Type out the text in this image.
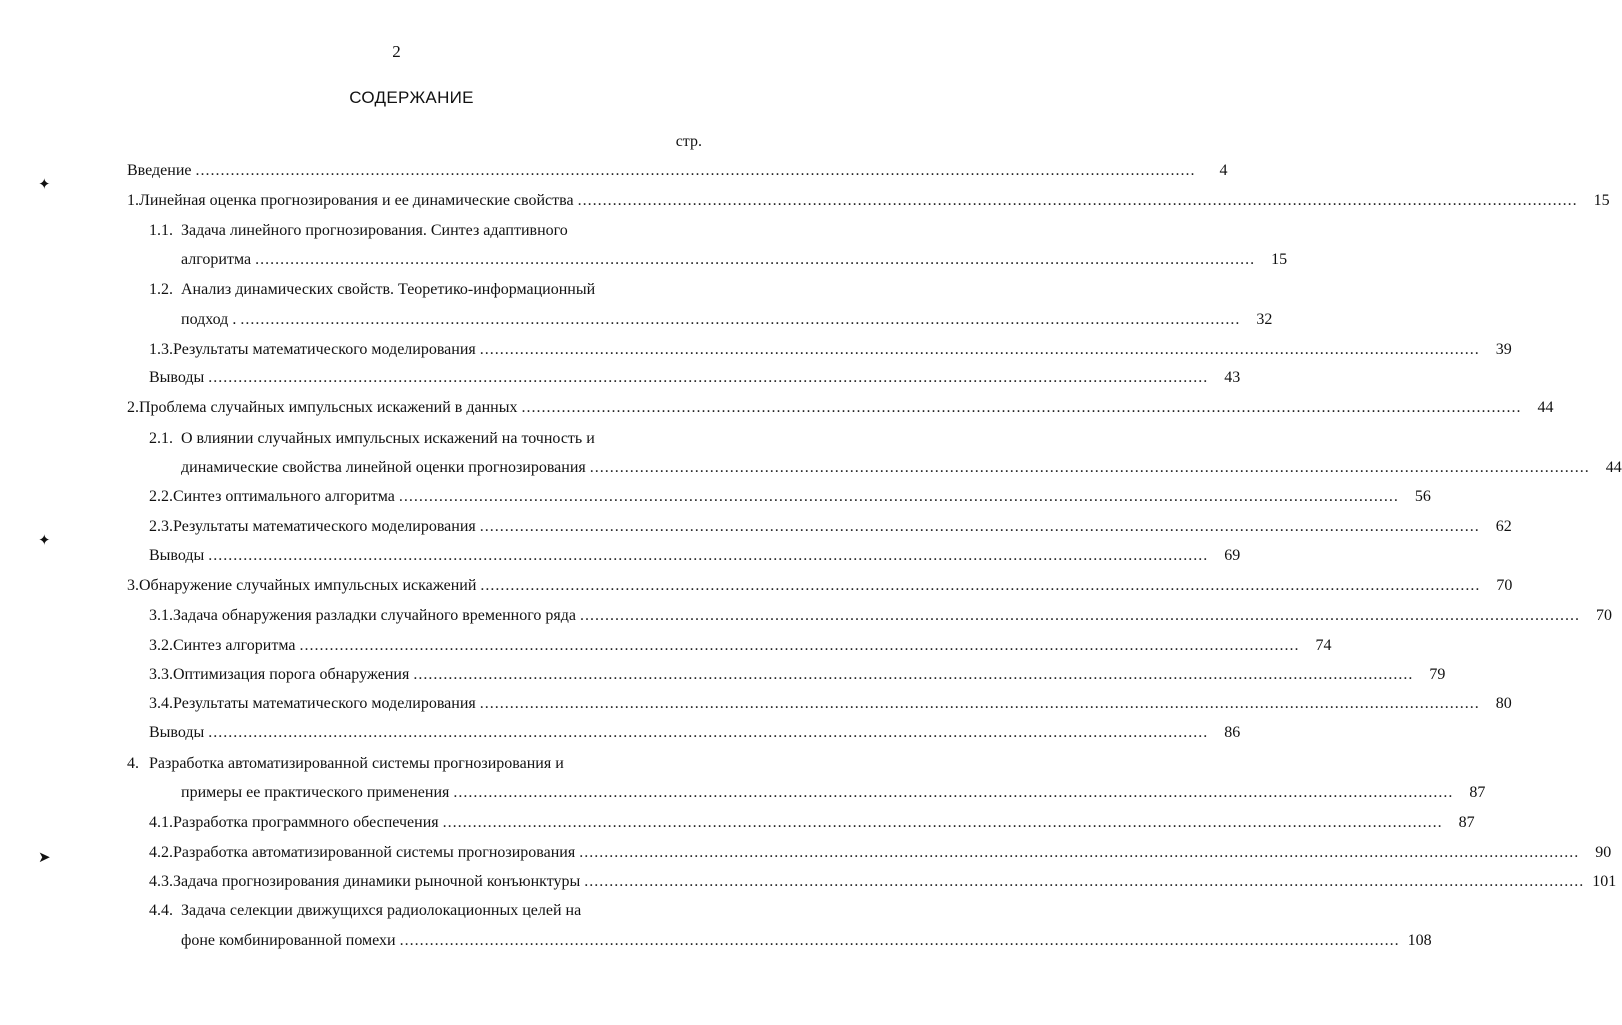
2
СОДЕРЖАНИЕ
стр.
Введение ........................................................................................................................................................................................................	4
1. Линейная оценка прогнозирования и ее динамические свойства ........................................................................................................................................................................................................	15
1.1. Задача линейного прогнозирования. Синтез адаптивного
алгоритма ........................................................................................................................................................................................................	15
1.2. Анализ динамических свойств. Теоретико-информационный
подход . ........................................................................................................................................................................................................	32
1.3. Результаты математического моделирования ........................................................................................................................................................................................................	39
Выводы ........................................................................................................................................................................................................	43
2. Проблема случайных импульсных искажений в данных ........................................................................................................................................................................................................	44
2.1. О влиянии случайных импульсных искажений на точность и
динамические свойства линейной оценки прогнозирования ........................................................................................................................................................................................................	44
2.2. Синтез оптимального алгоритма ........................................................................................................................................................................................................	56
2.3. Результаты математического моделирования ........................................................................................................................................................................................................	62
Выводы ........................................................................................................................................................................................................	69
3. Обнаружение случайных импульсных искажений ........................................................................................................................................................................................................	70
3.1. Задача обнаружения разладки случайного временного ряда ........................................................................................................................................................................................................	70
3.2. Синтез алгоритма ........................................................................................................................................................................................................	74
3.3. Оптимизация порога обнаружения ........................................................................................................................................................................................................	79
3.4. Результаты математического моделирования ........................................................................................................................................................................................................	80
Выводы ........................................................................................................................................................................................................	86
4. Разработка автоматизированной системы прогнозирования и
примеры ее практического применения ........................................................................................................................................................................................................	87
4.1. Разработка программного обеспечения ........................................................................................................................................................................................................	87
4.2. Разработка автоматизированной системы прогнозирования ........................................................................................................................................................................................................	90
4.3. Задача прогнозирования динамики рыночной конъюнктуры ........................................................................................................................................................................................................ 101
4.4. Задача селекции движущихся радиолокационных целей на
фоне комбинированной помехи ........................................................................................................................................................................................................ 108
✦
✦
➤
